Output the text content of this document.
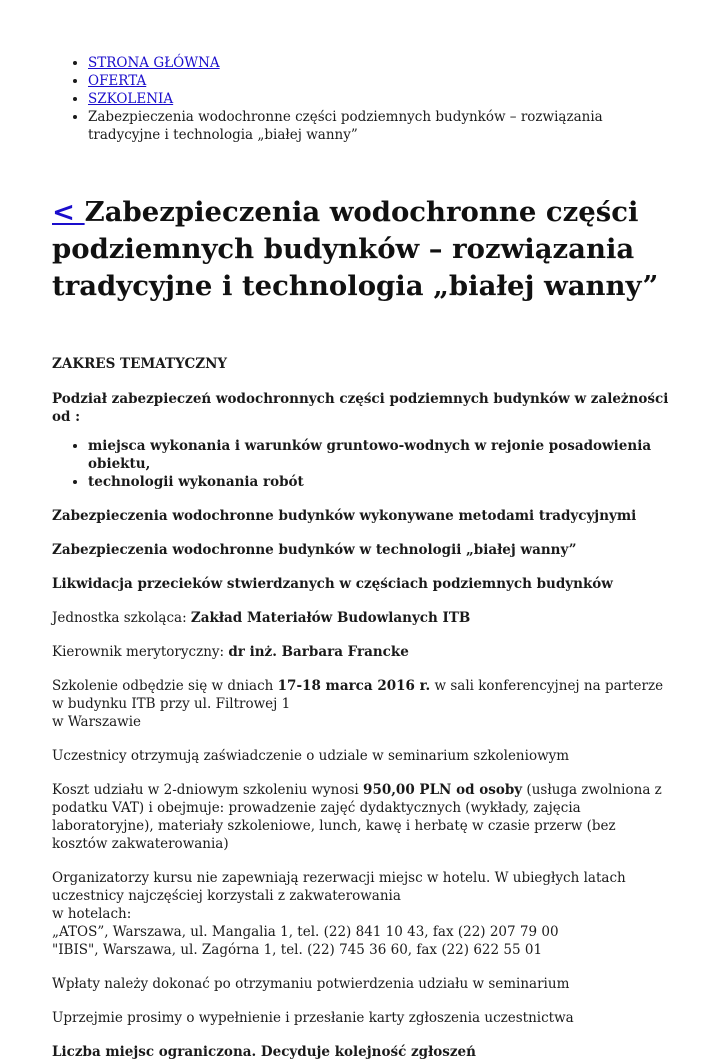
• STRONA GŁÓWNA
• OFERTA
• SZKOLENIA
• Zabezpieczenia wodochronne części podziemnych budynków – rozwiązania tradycyjne i technologia „białej wanny”
< Zabezpieczenia wodochronne części podziemnych budynków – rozwiązania tradycyjne i technologia „białej wanny”

ZAKRES TEMATYCZNY

Podział zabezpieczeń wodochronnych części podziemnych budynków w zależności od :

• miejsca wykonania i warunków gruntowo-wodnych w rejonie posadowienia obiektu,
• technologii wykonania robót

Zabezpieczenia wodochronne budynków wykonywane metodami tradycyjnymi

Zabezpieczenia wodochronne budynków w technologii „białej wanny”

Likwidacja przecieków stwierdzanych w częściach podziemnych budynków

Jednostka szkoląca: Zakład Materiałów Budowlanych ITB

Kierownik merytoryczny: dr inż. Barbara Francke

Szkolenie odbędzie się w dniach 17-18 marca 2016 r. w sali konferencyjnej na parterze w budynku ITB przy ul. Filtrowej 1
w Warszawie

Uczestnicy otrzymują zaświadczenie o udziale w seminarium szkoleniowym

Koszt udziału w 2-dniowym szkoleniu wynosi 950,00 PLN od osoby (usługa zwolniona z podatku VAT) i obejmuje: prowadzenie zajęć dydaktycznych (wykłady, zajęcia laboratoryjne), materiały szkoleniowe, lunch, kawę i herbatę w czasie przerw (bez kosztów zakwaterowania)

Organizatorzy kursu nie zapewniają rezerwacji miejsc w hotelu. W ubiegłych latach uczestnicy najczęściej korzystali z zakwaterowania
w hotelach:
„ATOS”, Warszawa, ul. Mangalia 1, tel. (22) 841 10 43, fax (22) 207 79 00
"IBIS", Warszawa, ul. Zagórna 1, tel. (22) 745 36 60, fax (22) 622 55 01

Wpłaty należy dokonać po otrzymaniu potwierdzenia udziału w seminarium

Uprzejmie prosimy o wypełnienie i przesłanie karty zgłoszenia uczestnictwa

Liczba miejsc ograniczona. Decyduje kolejność zgłoszeń
